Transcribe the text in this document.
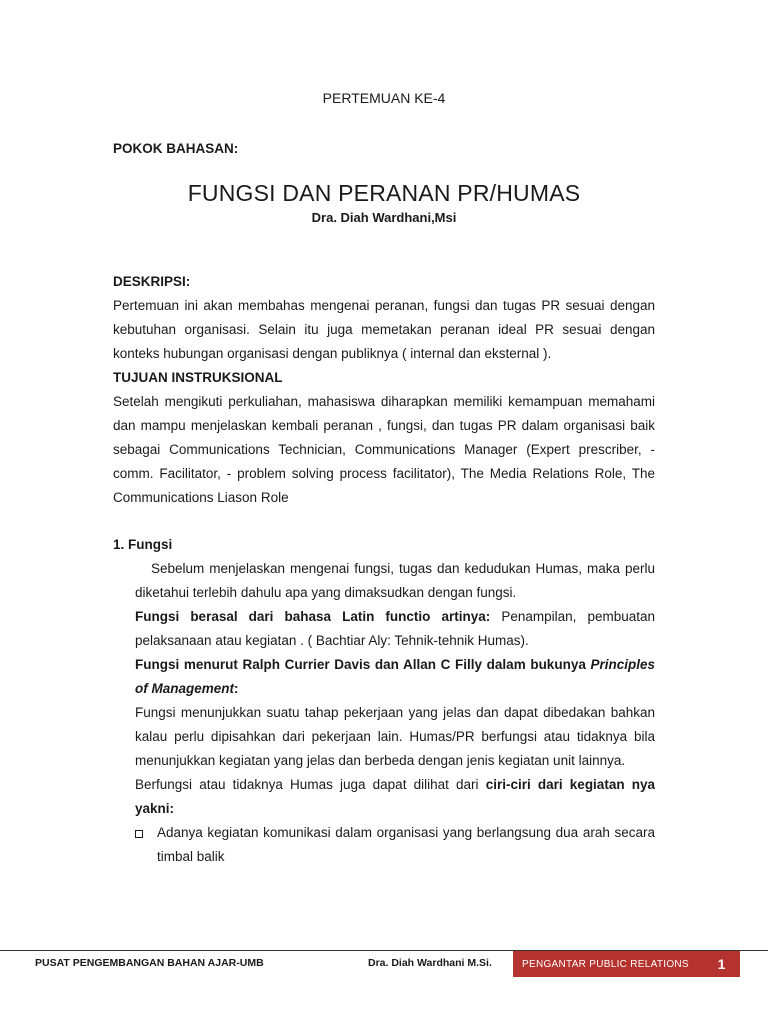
PERTEMUAN KE-4
POKOK BAHASAN:
FUNGSI DAN PERANAN PR/HUMAS
Dra. Diah Wardhani,Msi

DESKRIPSI:

Pertemuan ini akan membahas mengenai peranan, fungsi dan tugas PR sesuai dengan kebutuhan organisasi. Selain itu juga memetakan peranan ideal PR sesuai dengan konteks hubungan organisasi dengan publiknya ( internal dan eksternal ).

TUJUAN INSTRUKSIONAL

Setelah mengikuti perkuliahan, mahasiswa diharapkan memiliki kemampuan memahami dan mampu menjelaskan kembali peranan , fungsi, dan tugas PR dalam organisasi baik sebagai Communications Technician, Communications Manager (Expert prescriber, - comm. Facilitator, - problem solving process facilitator), The Media Relations Role, The Communications Liason Role

1. Fungsi

Sebelum menjelaskan mengenai fungsi, tugas dan kedudukan Humas, maka perlu diketahui terlebih dahulu apa yang dimaksudkan dengan fungsi.

Fungsi berasal dari bahasa Latin functio artinya: Penampilan, pembuatan pelaksanaan atau kegiatan . ( Bachtiar Aly: Tehnik-tehnik Humas).

Fungsi menurut Ralph Currier Davis dan Allan C Filly dalam bukunya Principles of Management:

Fungsi menunjukkan suatu tahap pekerjaan yang jelas dan dapat dibedakan bahkan kalau perlu dipisahkan dari pekerjaan lain. Humas/PR berfungsi atau tidaknya bila menunjukkan kegiatan yang jelas dan berbeda dengan jenis kegiatan unit lainnya.

Berfungsi atau tidaknya Humas juga dapat dilihat dari ciri-ciri dari kegiatan nya yakni:

Adanya kegiatan komunikasi dalam organisasi yang berlangsung dua arah secara timbal balik
PUSAT PENGEMBANGAN BAHAN AJAR-UMB	Dra. Diah Wardhani M.Si.	PENGANTAR PUBLIC RELATIONS	1
